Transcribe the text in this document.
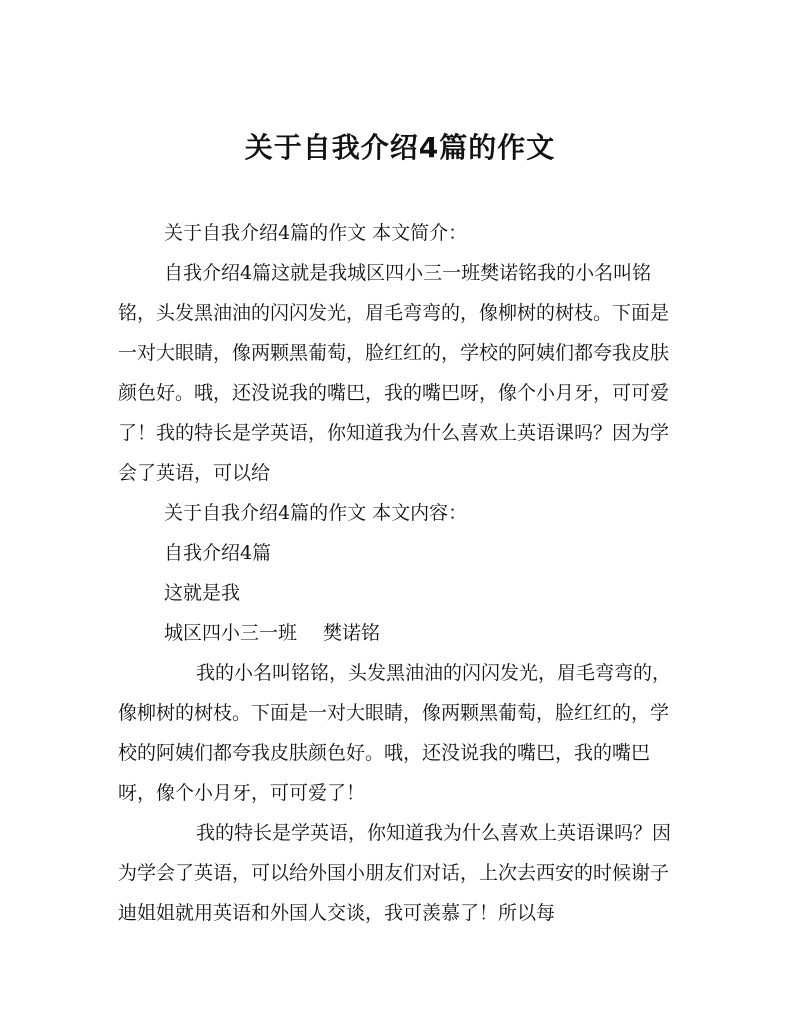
关于自我介绍4篇的作文

关于自我介绍4篇的作文 本文简介：

自我介绍4篇这就是我城区四小三一班樊诺铭我的小名叫铭铭，头发黑油油的闪闪发光，眉毛弯弯的，像柳树的树枝。下面是一对大眼睛，像两颗黑葡萄，脸红红的，学校的阿姨们都夸我皮肤颜色好。哦，还没说我的嘴巴，我的嘴巴呀，像个小月牙，可可爱了！我的特长是学英语，你知道我为什么喜欢上英语课吗？因为学会了英语，可以给

关于自我介绍4篇的作文 本文内容：

自我介绍4篇

这就是我

城区四小三一班 樊诺铭

我的小名叫铭铭，头发黑油油的闪闪发光，眉毛弯弯的，像柳树的树枝。下面是一对大眼睛，像两颗黑葡萄，脸红红的，学校的阿姨们都夸我皮肤颜色好。哦，还没说我的嘴巴，我的嘴巴呀，像个小月牙，可可爱了！

我的特长是学英语，你知道我为什么喜欢上英语课吗？因为学会了英语，可以给外国小朋友们对话，上次去西安的时候谢子迪姐姐就用英语和外国人交谈，我可羡慕了！所以每
